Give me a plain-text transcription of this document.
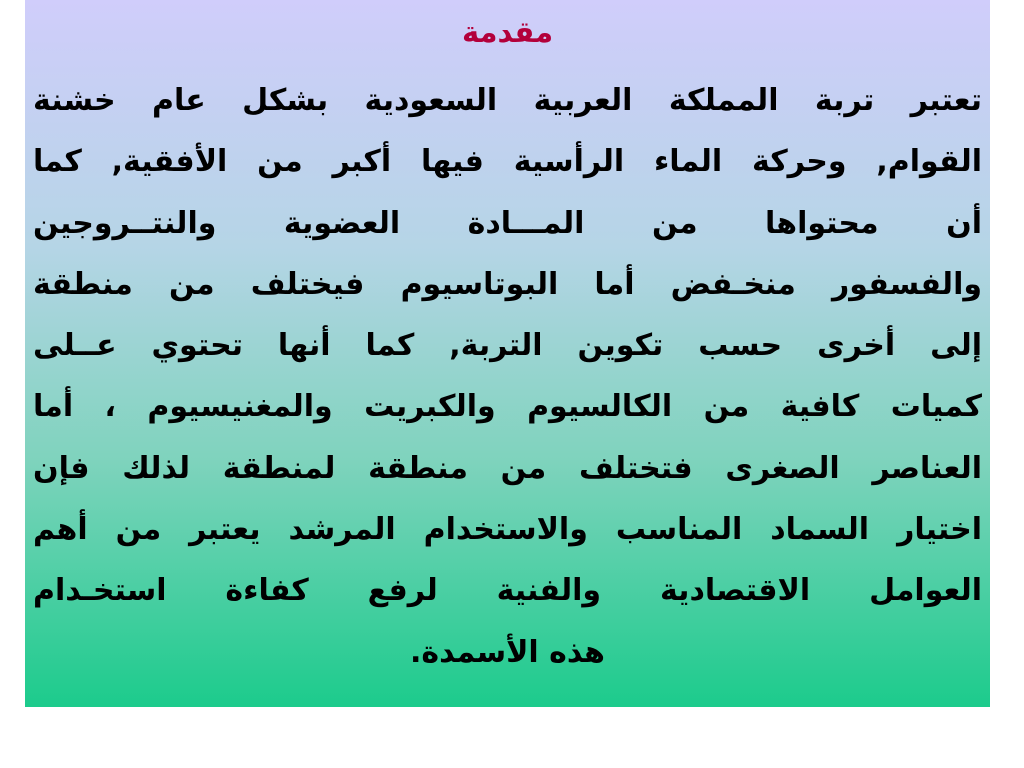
مقدمة
تعتبر تربة المملكة العربية السعودية بشكل عام خشنة
القوام, وحركة الماء الرأسية فيها أكبر من الأفقية, كما
أن محتواها من المـــادة العضوية والنتــروجين
والفسفور منخـفض أما البوتاسيوم فيختلف من منطقة
إلى أخرى حسب تكوين التربة, كما أنها تحتوي عــلى
كميات كافية من الكالسيوم والكبريت والمغنيسيوم ، أما
العناصر الصغرى فتختلف من منطقة لمنطقة لذلك فإن
اختيار السماد المناسب والاستخدام المرشد يعتبر من أهم
العوامل الاقتصادية والفنية لرفع كفاءة استخـدام
هذه الأسمدة.
